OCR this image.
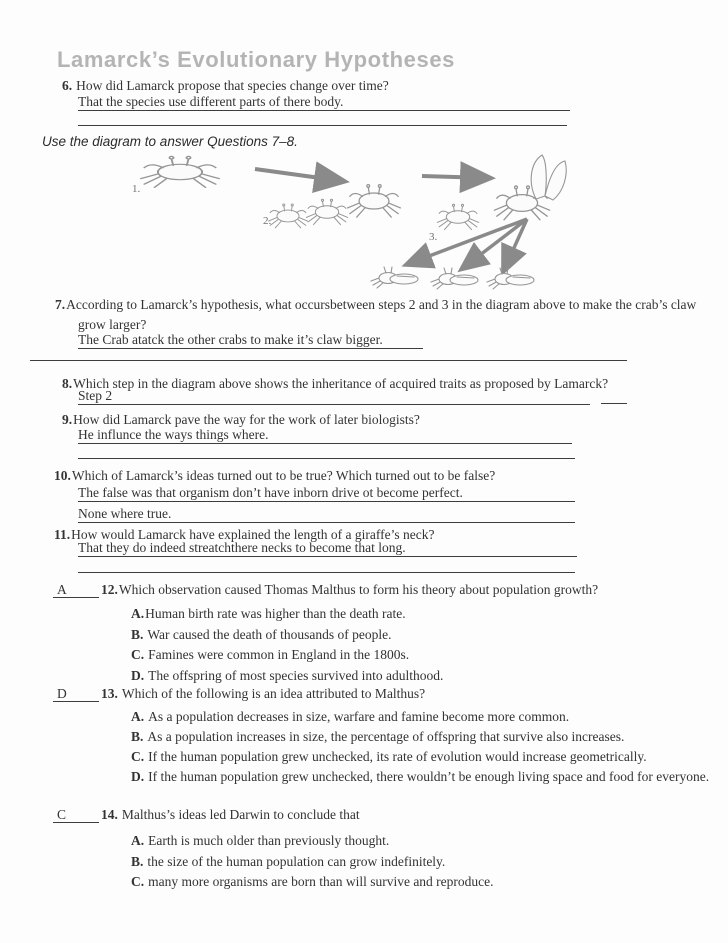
Lamarck’s Evolutionary Hypotheses
6. How did Lamarck propose that species change over time?
That the species use different parts of there body.
Use the diagram to answer Questions 7–8.
1.
2.
3.
7.According to Lamarck’s hypothesis, what occursbetween steps 2 and 3 in the diagram above to make the crab’s claw grow larger?
The Crab atatck the other crabs to make it’s claw bigger.
8.Which step in the diagram above shows the inheritance of acquired traits as proposed by Lamarck?
Step 2
9.How did Lamarck pave the way for the work of later biologists?
He influnce the ways things where.
10.Which of Lamarck’s ideas turned out to be true? Which turned out to be false?
The false was that organism don’t have inborn drive ot become perfect.
None where true.
11.How would Lamarck have explained the length of a giraffe’s neck?
That they do indeed streatchthere necks to become that long.
A	12.Which observation caused Thomas Malthus to form his theory about population growth?
A.Human birth rate was higher than the death rate.
B. War caused the death of thousands of people.
C. Famines were common in England in the 1800s.
D. The offspring of most species survived into adulthood.
D	13. Which of the following is an idea attributed to Malthus?
A. As a population decreases in size, warfare and famine become more common.
B. As a population increases in size, the percentage of offspring that survive also increases.
C. If the human population grew unchecked, its rate of evolution would increase geometrically.
D. If the human population grew unchecked, there wouldn’t be enough living space and food for everyone.
C	14. Malthus’s ideas led Darwin to conclude that
A. Earth is much older than previously thought.
B. the size of the human population can grow indefinitely.
C. many more organisms are born than will survive and reproduce.
